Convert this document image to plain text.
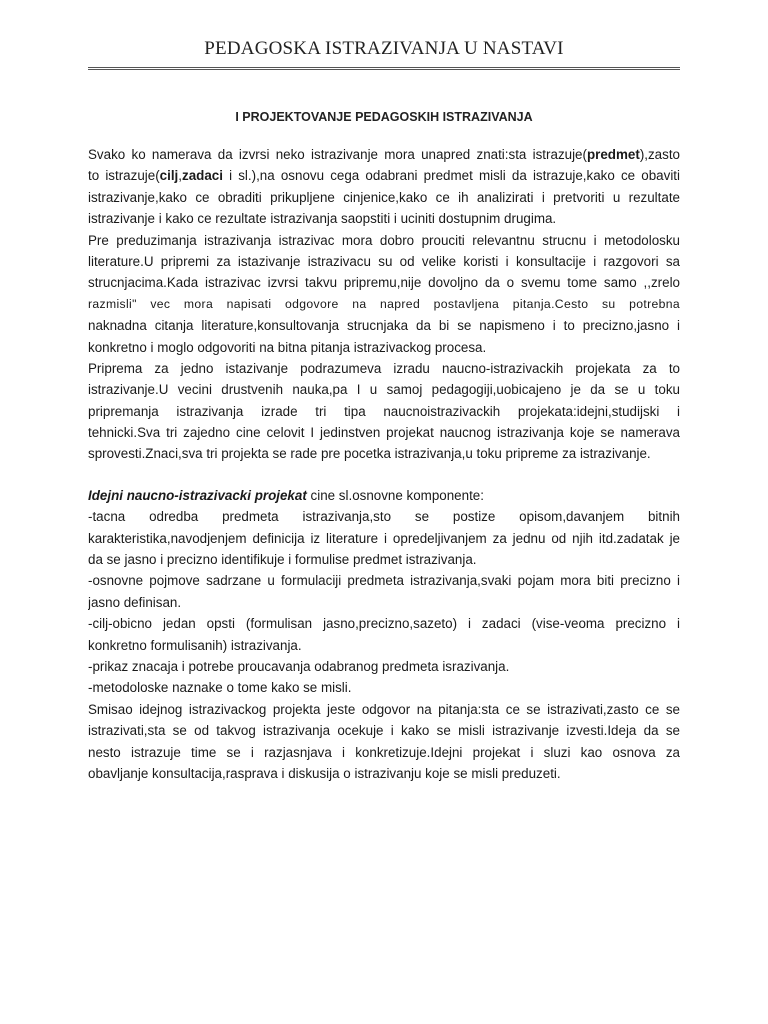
PEDAGOSKA ISTRAZIVANJA U NASTAVI
I PROJEKTOVANJE PEDAGOSKIH ISTRAZIVANJA
Svako ko namerava da izvrsi neko istrazivanje mora unapred znati:sta istrazuje(predmet),zasto
to istrazuje(cilj,zadaci i sl.),na osnovu cega odabrani predmet misli da istrazuje,kako ce obaviti
istrazivanje,kako ce obraditi prikupljene cinjenice,kako ce ih analizirati i pretvoriti u rezultate
istrazivanje i kako ce rezultate istrazivanja saopstiti i uciniti dostupnim drugima.
Pre preduzimanja istrazivanja istrazivac mora dobro prouciti relevantnu strucnu i metodolosku
literature.U pripremi za istazivanje istrazivacu su od velike koristi i konsultacije i razgovori sa
strucnjacima.Kada istrazivac izvrsi takvu pripremu,nije dovoljno da o svemu tome samo ,,zrelo
razmisli" vec mora napisati odgovore na napred postavljena pitanja.Cesto su potrebna
naknadna citanja literature,konsultovanja strucnjaka da bi se napismeno i to precizno,jasno i
konkretno i moglo odgovoriti na bitna pitanja istrazivackog procesa.
Priprema za jedno istazivanje podrazumeva izradu naucno-istrazivackih projekata za to
istrazivanje.U vecini drustvenih nauka,pa I u samoj pedagogiji,uobicajeno je da se u toku
pripremanja istrazivanja izrade tri tipa naucnoistrazivackih projekata:idejni,studijski i
tehnicki.Sva tri zajedno cine celovit I jedinstven projekat naucnog istrazivanja koje se namerava
sprovesti.Znaci,sva tri projekta se rade pre pocetka istrazivanja,u toku pripreme za istrazivanje.
Idejni naucno-istrazivacki projekat cine sl.osnovne komponente:
-tacna odredba predmeta istrazivanja,sto se postize opisom,davanjem bitnih
karakteristika,navodjenjem definicija iz literature i opredeljivanjem za jednu od njih itd.zadatak je
da se jasno i precizno identifikuje i formulise predmet istrazivanja.
-osnovne pojmove sadrzane u formulaciji predmeta istrazivanja,svaki pojam mora biti precizno i
jasno definisan.
-cilj-obicno jedan opsti (formulisan jasno,precizno,sazeto) i zadaci (vise-veoma precizno i
konkretno formulisanih) istrazivanja.
-prikaz znacaja i potrebe proucavanja odabranog predmeta israzivanja.
-metodoloske naznake o tome kako se misli.
Smisao idejnog istrazivackog projekta jeste odgovor na pitanja:sta ce se istrazivati,zasto ce se
istrazivati,sta se od takvog istrazivanja ocekuje i kako se misli istrazivanje izvesti.Ideja da se
nesto istrazuje time se i razjasnjava i konkretizuje.Idejni projekat i sluzi kao osnova za
obavljanje konsultacija,rasprava i diskusija o istrazivanju koje se misli preduzeti.
